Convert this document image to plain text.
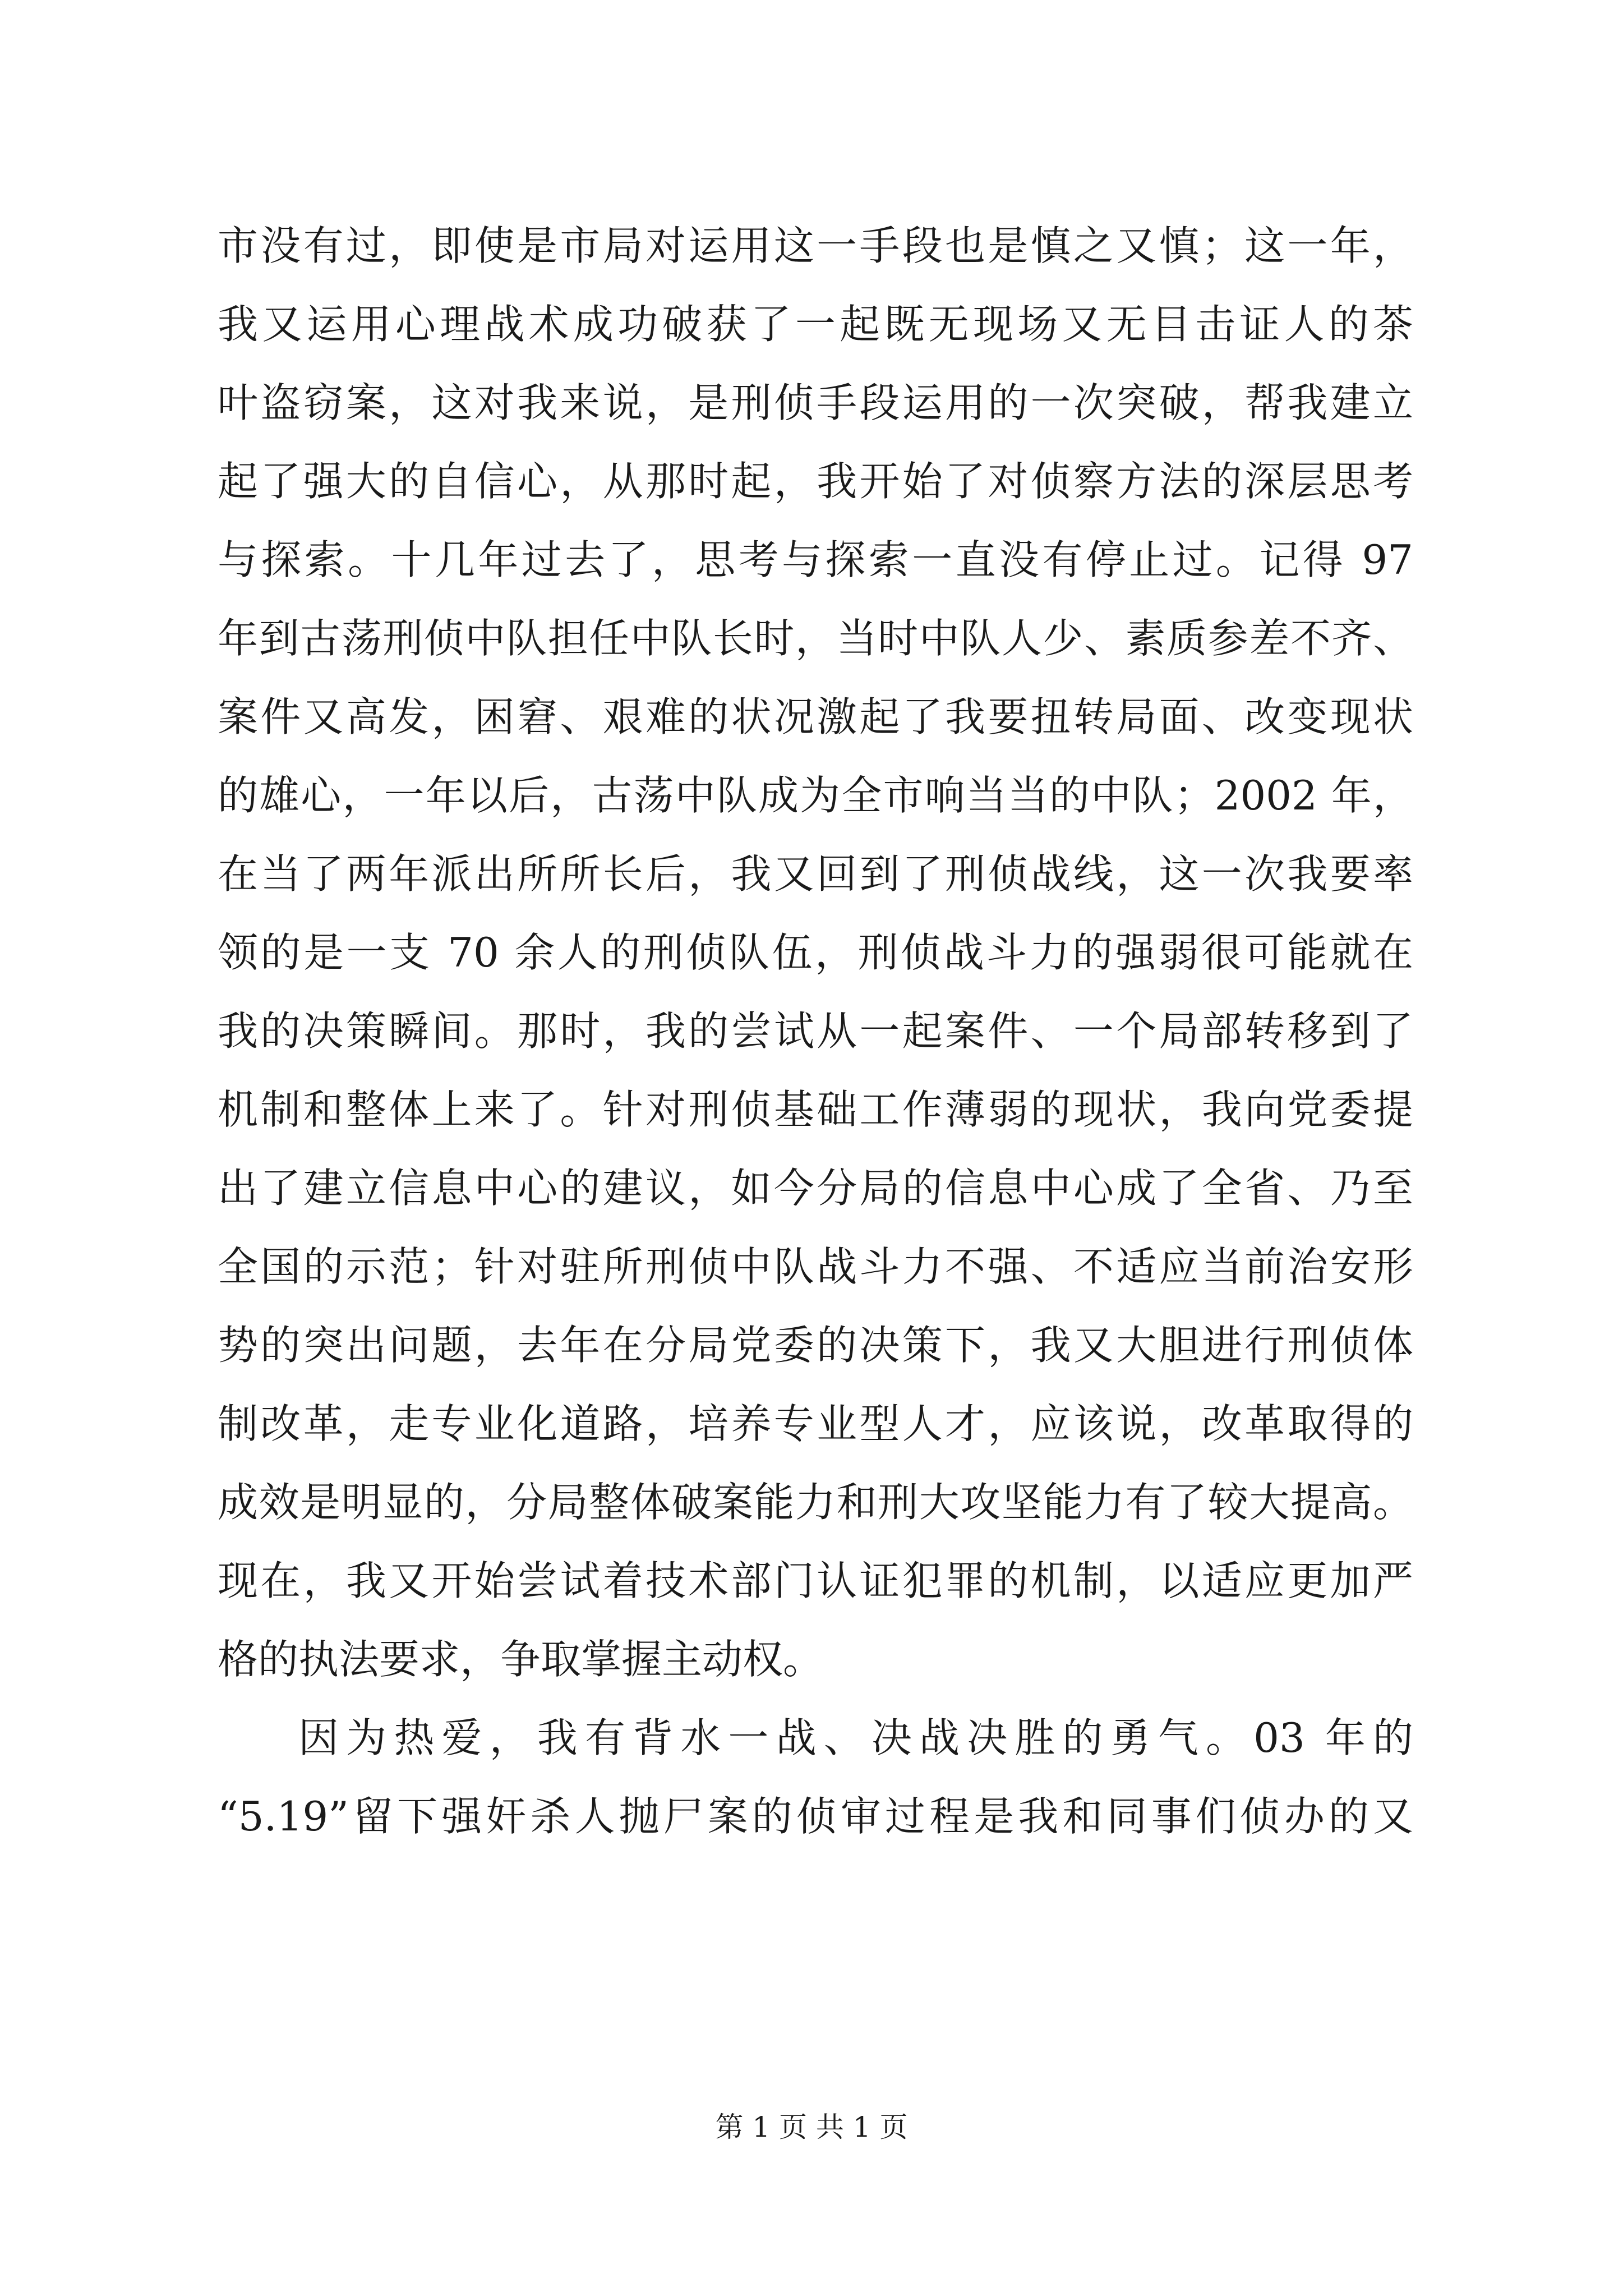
市没有过，即使是市局对运用这一手段也是慎之又慎；这一年，
我又运用心理战术成功破获了一起既无现场又无目击证人的茶
叶盗窃案，这对我来说，是刑侦手段运用的一次突破，帮我建立
起了强大的自信心，从那时起，我开始了对侦察方法的深层思考
与探索。十几年过去了，思考与探索一直没有停止过。记得 97
年到古荡刑侦中队担任中队长时，当时中队人少、素质参差不齐、
案件又高发，困窘、艰难的状况激起了我要扭转局面、改变现状
的雄心，一年以后，古荡中队成为全市响当当的中队；2002 年，
在当了两年派出所所长后，我又回到了刑侦战线，这一次我要率
领的是一支 70 余人的刑侦队伍，刑侦战斗力的强弱很可能就在
我的决策瞬间。那时，我的尝试从一起案件、一个局部转移到了
机制和整体上来了。针对刑侦基础工作薄弱的现状，我向党委提
出了建立信息中心的建议，如今分局的信息中心成了全省、乃至
全国的示范；针对驻所刑侦中队战斗力不强、不适应当前治安形
势的突出问题，去年在分局党委的决策下，我又大胆进行刑侦体
制改革，走专业化道路，培养专业型人才，应该说，改革取得的
成效是明显的，分局整体破案能力和刑大攻坚能力有了较大提高。
现在，我又开始尝试着技术部门认证犯罪的机制，以适应更加严
格的执法要求，争取掌握主动权。
因为热爱，我有背水一战、决战决胜的勇气。03 年的
“5.19”留下强奸杀人抛尸案的侦审过程是我和同事们侦办的又
第 1 页 共 1 页
